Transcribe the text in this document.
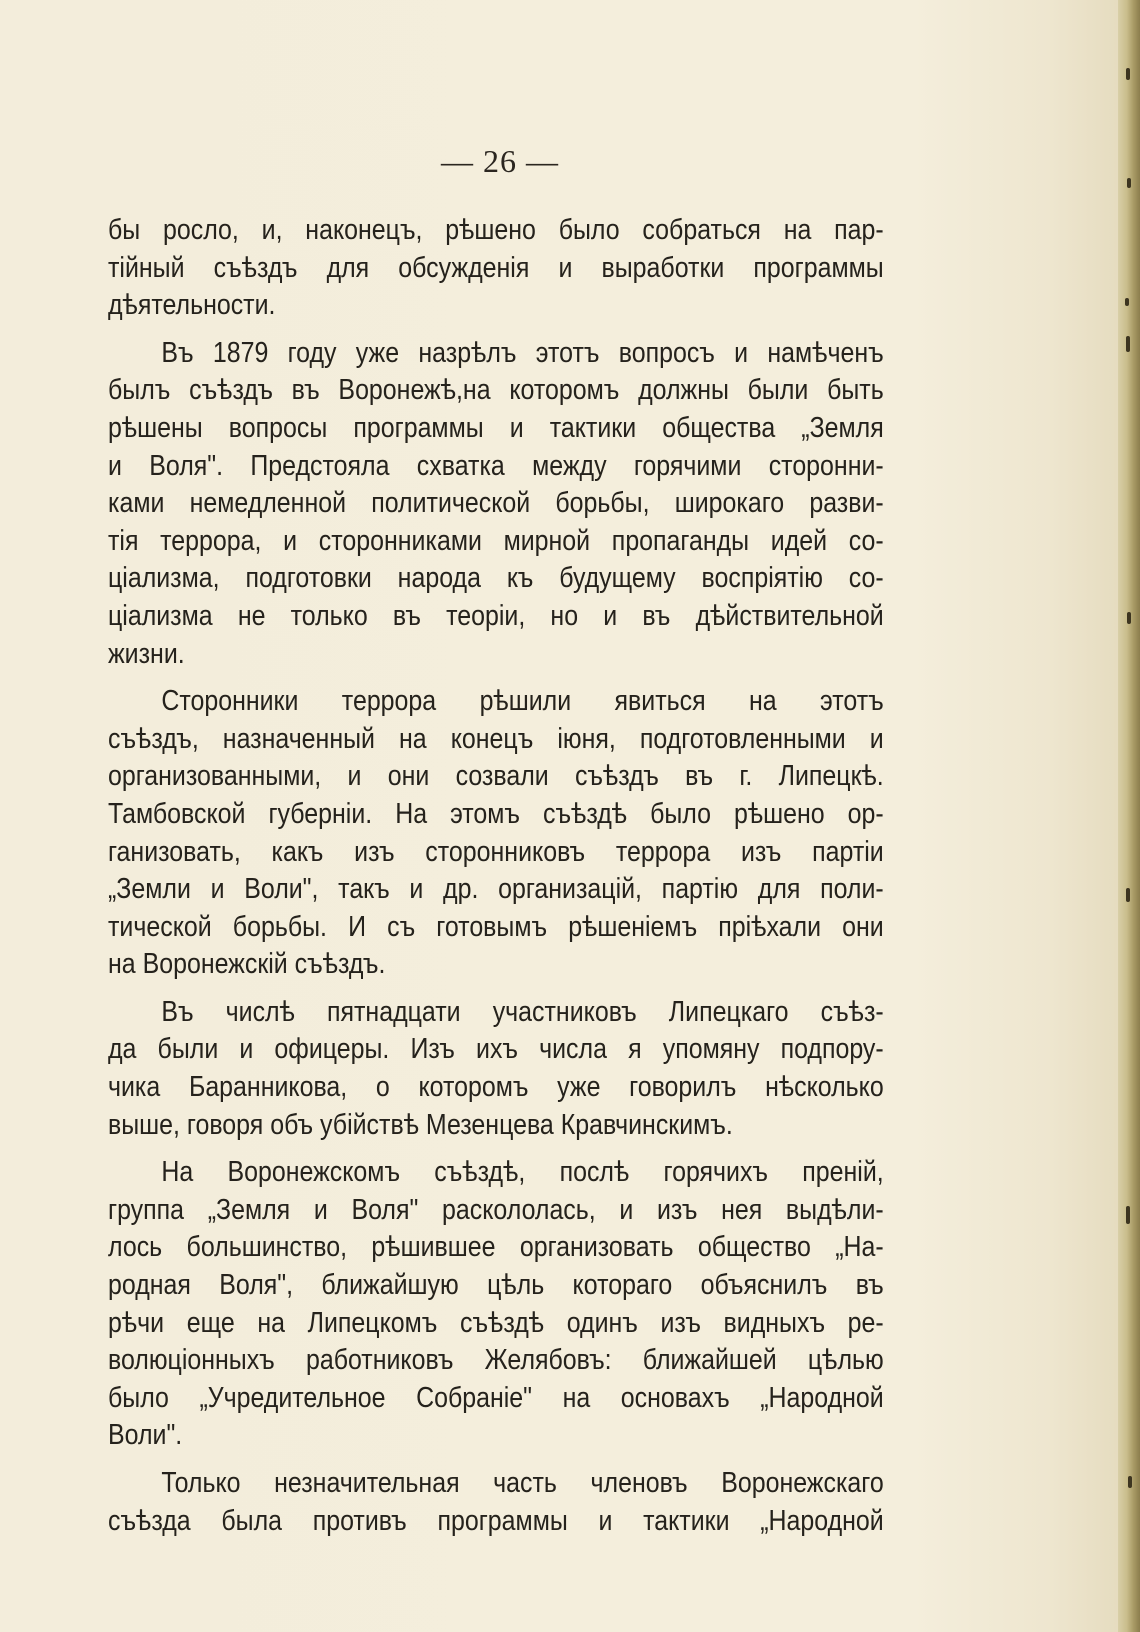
— 26 —
бы росло, и, наконецъ, рѣшено было собраться на пар-
тійный съѣздъ для обсужденія и выработки программы
дѣятельности.
Въ 1879 году уже назрѣлъ этотъ вопросъ и намѣченъ
былъ съѣздъ въ Воронежѣ,на которомъ должны были быть
рѣшены вопросы программы и тактики общества „Земля
и Воля". Предстояла схватка между горячими сторонни-
ками немедленной политической борьбы, широкаго разви-
тія террора, и сторонниками мирной пропаганды идей со-
ціализма, подготовки народа къ будущему воспріятію со-
ціализма не только въ теоріи, но и въ дѣйствительной
жизни.
Сторонники террора рѣшили явиться на этотъ
съѣздъ, назначенный на конецъ іюня, подготовленными и
организованными, и они созвали съѣздъ въ г. Липецкѣ.
Тамбовской губерніи. На этомъ съѣздѣ было рѣшено ор-
ганизовать, какъ изъ сторонниковъ террора изъ партіи
„Земли и Воли", такъ и др. организацій, партію для поли-
тической борьбы. И съ готовымъ рѣшеніемъ пріѣхали они
на Воронежскій съѣздъ.
Въ числѣ пятнадцати участниковъ Липецкаго съѣз-
да были и офицеры. Изъ ихъ числа я упомяну подпору-
чика Баранникова, о которомъ уже говорилъ нѣсколько
выше, говоря объ убійствѣ Мезенцева Кравчинскимъ.
На Воронежскомъ съѣздѣ, послѣ горячихъ преній,
группа „Земля и Воля" раскололась, и изъ нея выдѣли-
лось большинство, рѣшившее организовать общество „На-
родная Воля", ближайшую цѣль котораго объяснилъ въ
рѣчи еще на Липецкомъ съѣздѣ одинъ изъ видныхъ ре-
волюціонныхъ работниковъ Желябовъ: ближайшей цѣлью
было „Учредительное Собраніе" на основахъ „Народной
Воли".
Только незначительная часть членовъ Воронежскаго
съѣзда была противъ программы и тактики „Народной
